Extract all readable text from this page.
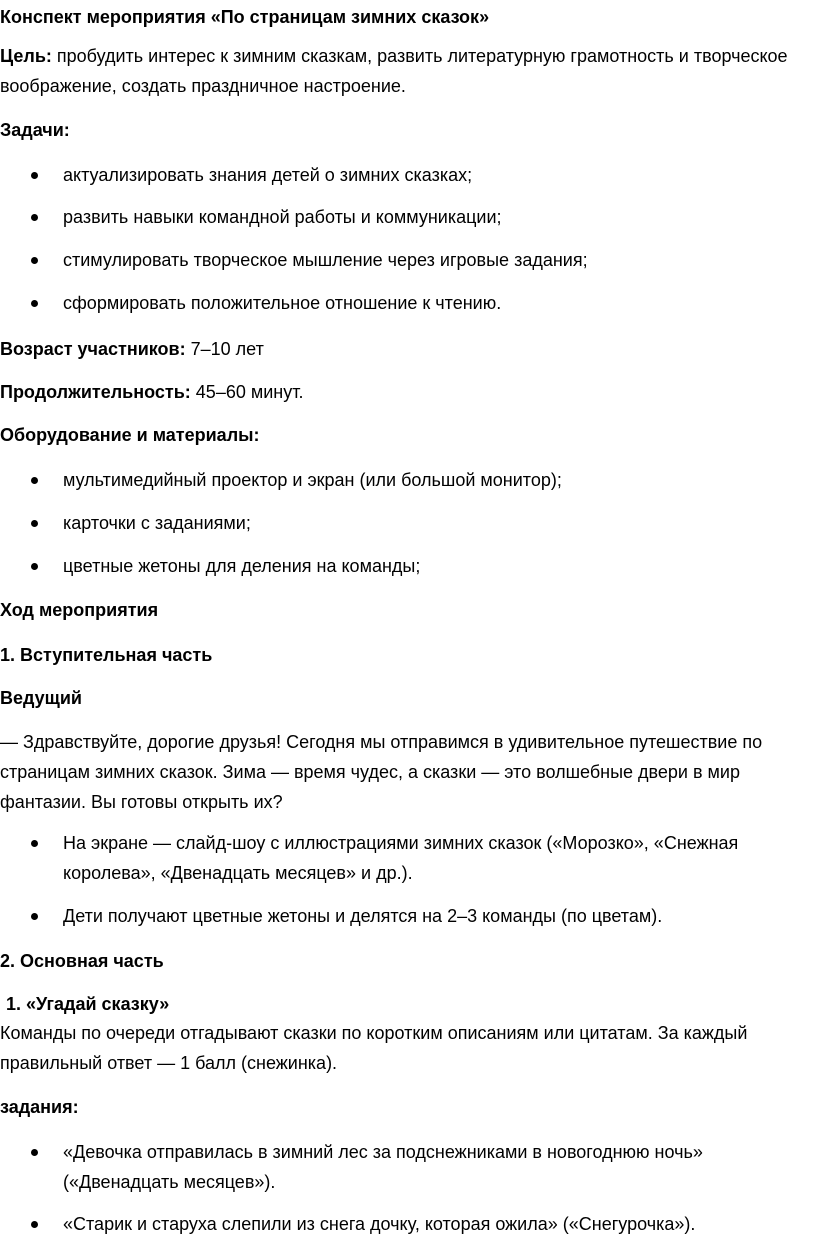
Конспект мероприятия «По страницам зимних сказок»

Цель: пробудить интерес к зимним сказкам, развить литературную грамотность и творческое воображение, создать праздничное настроение.

Задачи:

актуализировать знания детей о зимних сказках;
развить навыки командной работы и коммуникации;
стимулировать творческое мышление через игровые задания;
сформировать положительное отношение к чтению.

Возраст участников: 7–10 лет

Продолжительность: 45–60 минут.

Оборудование и материалы:

мультимедийный проектор и экран (или большой монитор);
карточки с заданиями;
цветные жетоны для деления на команды;

Ход мероприятия

1. Вступительная часть

Ведущий

— Здравствуйте, дорогие друзья! Сегодня мы отправимся в удивительное путешествие по страницам зимних сказок. Зима — время чудес, а сказки — это волшебные двери в мир фантазии. Вы готовы открыть их?

На экране — слайд-шоу с иллюстрациями зимних сказок («Морозко», «Снежная королева», «Двенадцать месяцев» и др.).
Дети получают цветные жетоны и делятся на 2–3 команды (по цветам).

2. Основная часть

1. «Угадай сказку»

Команды по очереди отгадывают сказки по коротким описаниям или цитатам. За каждый правильный ответ — 1 балл (снежинка).

задания:

«Девочка отправилась в зимний лес за подснежниками в новогоднюю ночь» («Двенадцать месяцев»).
«Старик и старуха слепили из снега дочку, которая ожила» («Снегурочка»).
